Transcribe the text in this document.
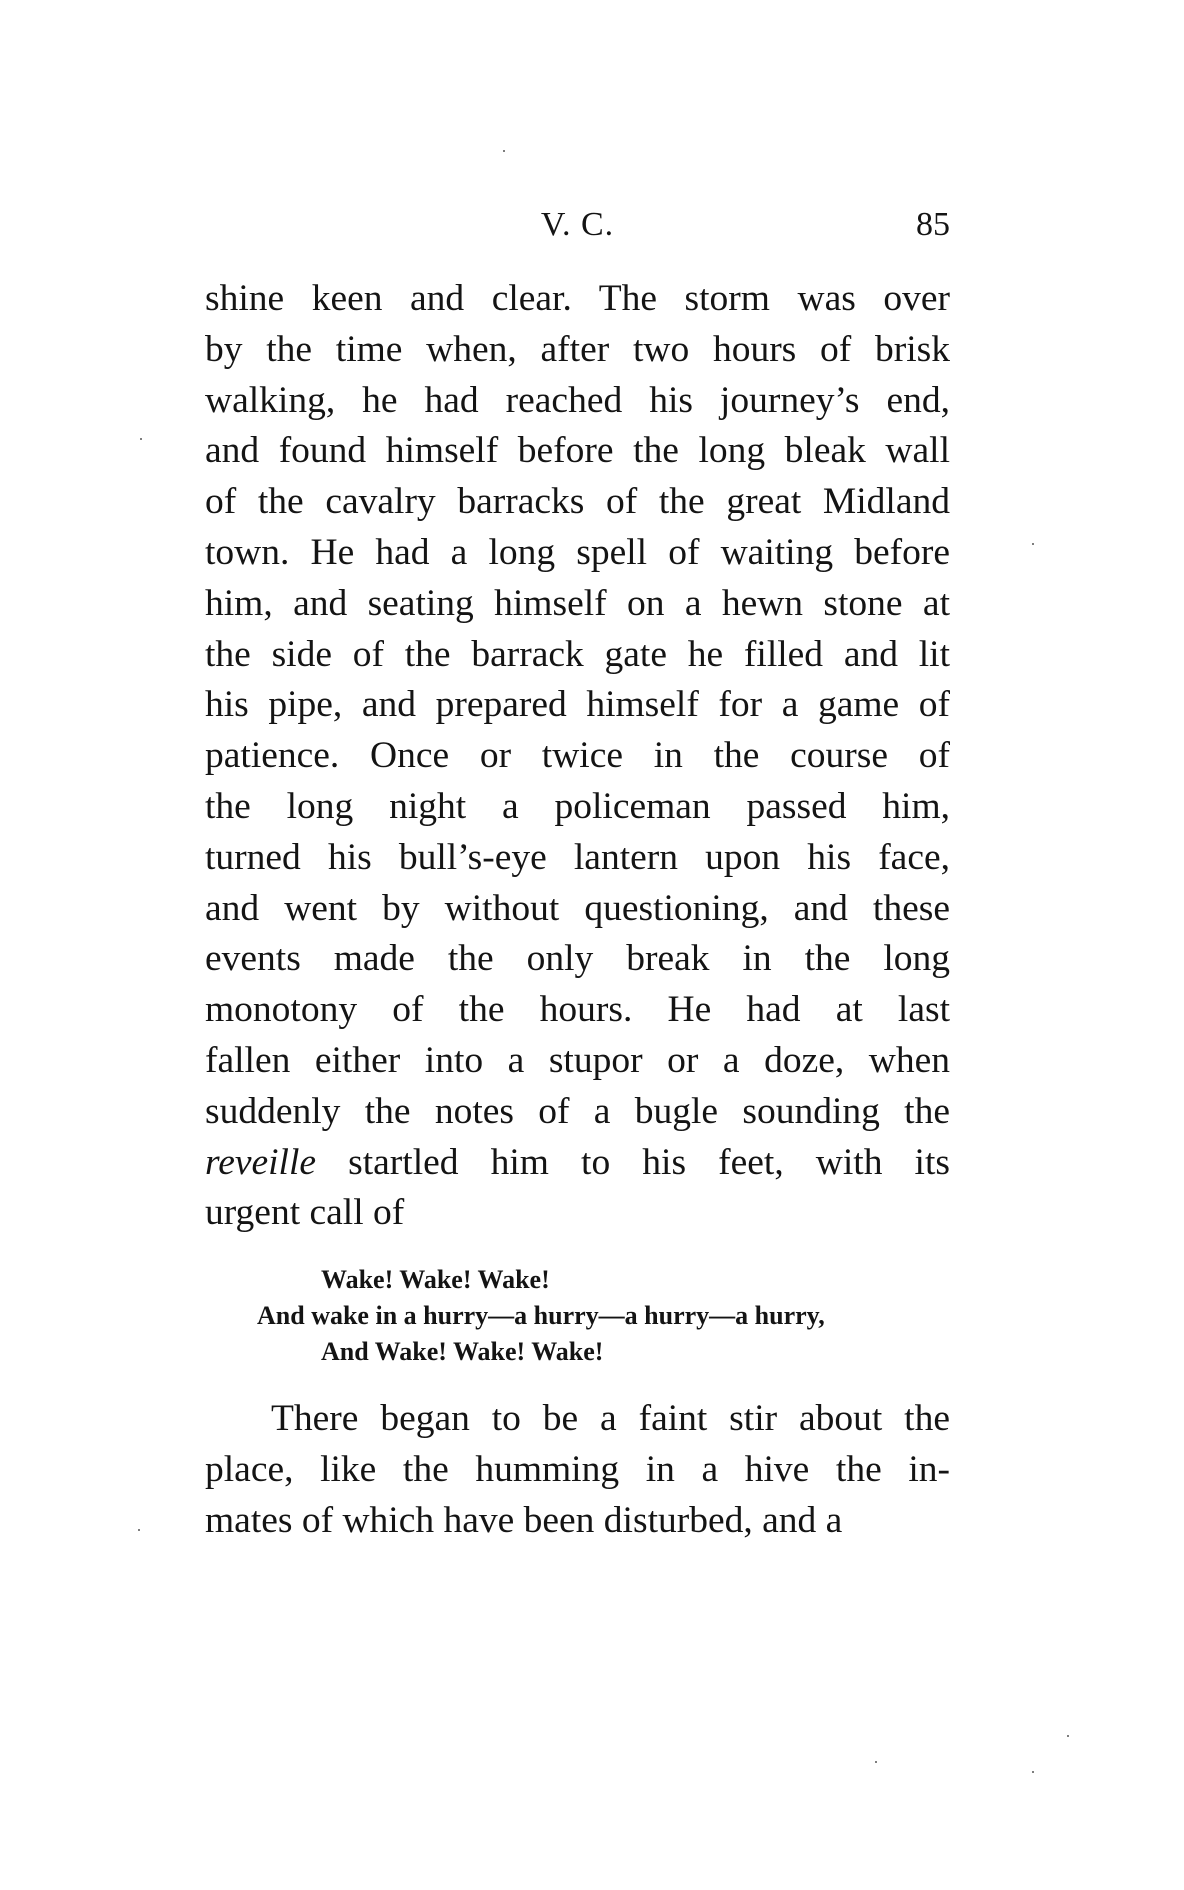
V. C.	85
shine keen and clear. The storm was over
by the time when, after two hours of brisk
walking, he had reached his journey’s end,
and found himself before the long bleak wall
of the cavalry barracks of the great Midland
town. He had a long spell of waiting before
him, and seating himself on a hewn stone at
the side of the barrack gate he filled and lit
his pipe, and prepared himself for a game of
patience. Once or twice in the course of
the long night a policeman passed him,
turned his bull’s-eye lantern upon his face,
and went by without questioning, and these
events made the only break in the long
monotony of the hours. He had at last
fallen either into a stupor or a doze, when
suddenly the notes of a bugle sounding the
reveille startled him to his feet, with its
urgent call of
Wake! Wake! Wake!
And wake in a hurry—a hurry—a hurry—a hurry,
And Wake! Wake! Wake!
There began to be a faint stir about the
place, like the humming in a hive the in-
mates of which have been disturbed, and a
